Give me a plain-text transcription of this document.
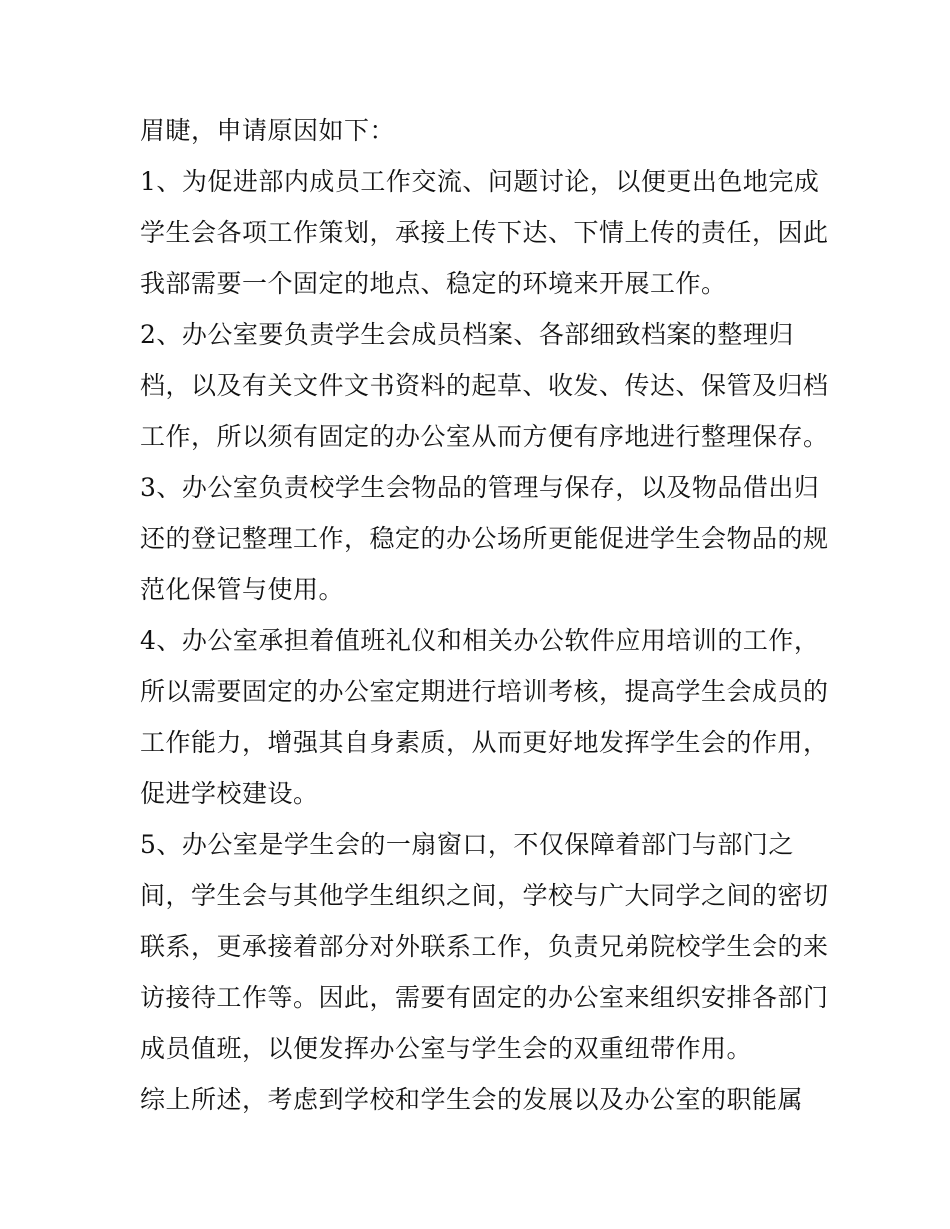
眉睫，申请原因如下：
1、为促进部内成员工作交流、问题讨论，以便更出色地完成
学生会各项工作策划，承接上传下达、下情上传的责任，因此
我部需要一个固定的地点、稳定的环境来开展工作。
2、办公室要负责学生会成员档案、各部细致档案的整理归
档，以及有关文件文书资料的起草、收发、传达、保管及归档
工作，所以须有固定的办公室从而方便有序地进行整理保存。
3、办公室负责校学生会物品的管理与保存，以及物品借出归
还的登记整理工作，稳定的办公场所更能促进学生会物品的规
范化保管与使用。
4、办公室承担着值班礼仪和相关办公软件应用培训的工作，
所以需要固定的办公室定期进行培训考核，提高学生会成员的
工作能力，增强其自身素质，从而更好地发挥学生会的作用，
促进学校建设。
5、办公室是学生会的一扇窗口，不仅保障着部门与部门之
间，学生会与其他学生组织之间，学校与广大同学之间的密切
联系，更承接着部分对外联系工作，负责兄弟院校学生会的来
访接待工作等。因此，需要有固定的办公室来组织安排各部门
成员值班，以便发挥办公室与学生会的双重纽带作用。
综上所述，考虑到学校和学生会的发展以及办公室的职能属
